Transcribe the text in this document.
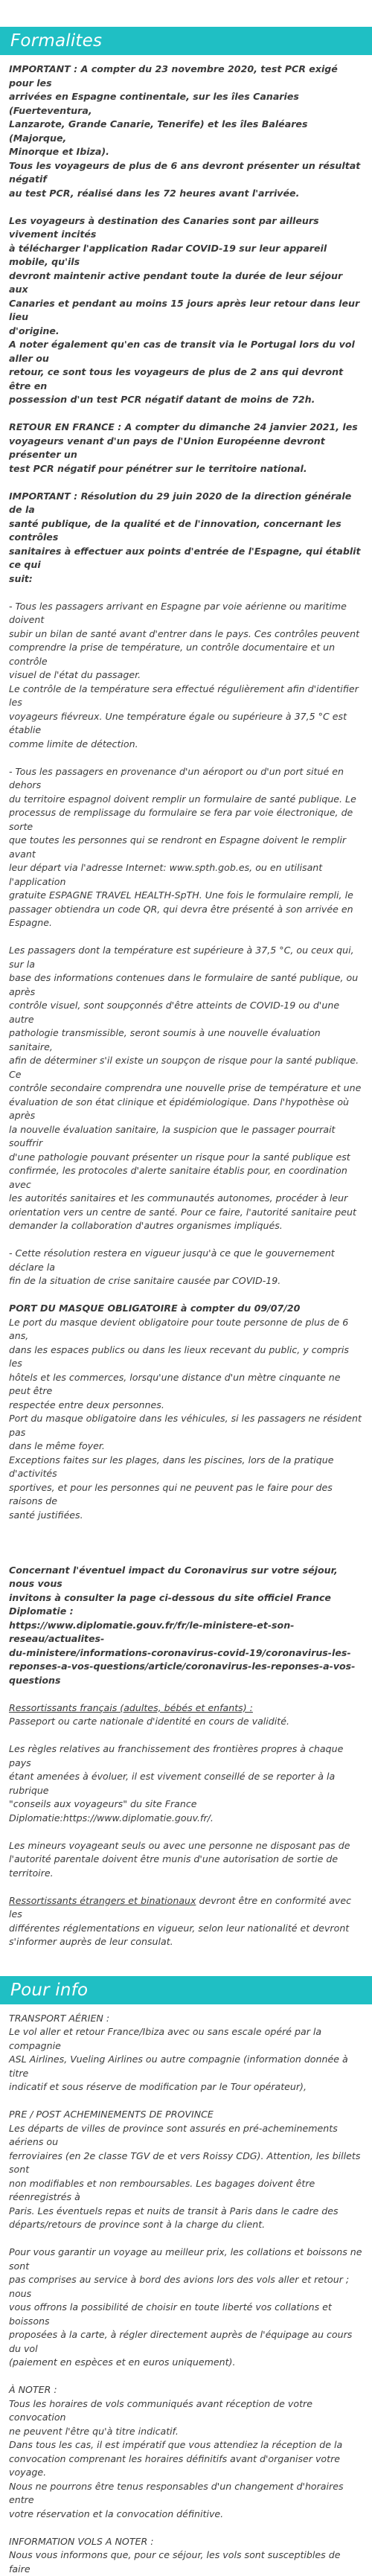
Formalites

IMPORTANT : A compter du 23 novembre 2020, test PCR exigé pour les

arrivées en Espagne continentale, sur les îles Canaries (Fuerteventura,

Lanzarote, Grande Canarie, Tenerife) et les îles Baléares (Majorque,

Minorque et Ibiza).

Tous les voyageurs de plus de 6 ans devront présenter un résultat négatif

au test PCR, réalisé dans les 72 heures avant l'arrivée.

Les voyageurs à destination des Canaries sont par ailleurs vivement incités

à télécharger l'application Radar COVID-19 sur leur appareil mobile, qu'ils

devront maintenir active pendant toute la durée de leur séjour aux

Canaries et pendant au moins 15 jours après leur retour dans leur lieu

d'origine.

A noter également qu'en cas de transit via le Portugal lors du vol aller ou

retour, ce sont tous les voyageurs de plus de 2 ans qui devront être en

possession d'un test PCR négatif datant de moins de 72h.

RETOUR EN FRANCE : A compter du dimanche 24 janvier 2021, les

voyageurs venant d'un pays de l'Union Européenne devront présenter un

test PCR négatif pour pénétrer sur le territoire national.

IMPORTANT : Résolution du 29 juin 2020 de la direction générale de la

santé publique, de la qualité et de l'innovation, concernant les contrôles

sanitaires à effectuer aux points d'entrée de l'Espagne, qui établit ce qui

suit:

- Tous les passagers arrivant en Espagne par voie aérienne ou maritime doivent

subir un bilan de santé avant d'entrer dans le pays. Ces contrôles peuvent

comprendre la prise de température, un contrôle documentaire et un contrôle

visuel de l'état du passager.

Le contrôle de la température sera effectué régulièrement afin d'identifier les

voyageurs fiévreux. Une température égale ou supérieure à 37,5 °C est établie

comme limite de détection.

- Tous les passagers en provenance d'un aéroport ou d'un port situé en dehors

du territoire espagnol doivent remplir un formulaire de santé publique. Le

processus de remplissage du formulaire se fera par voie électronique, de sorte

que toutes les personnes qui se rendront en Espagne doivent le remplir avant

leur départ via l'adresse Internet: www.spth.gob.es, ou en utilisant l'application

gratuite ESPAGNE TRAVEL HEALTH-SpTH. Une fois le formulaire rempli, le

passager obtiendra un code QR, qui devra être présenté à son arrivée en

Espagne.

Les passagers dont la température est supérieure à 37,5 °C, ou ceux qui, sur la

base des informations contenues dans le formulaire de santé publique, ou après

contrôle visuel, sont soupçonnés d'être atteints de COVID-19 ou d'une autre

pathologie transmissible, seront soumis à une nouvelle évaluation sanitaire,

afin de déterminer s'il existe un soupçon de risque pour la santé publique. Ce

contrôle secondaire comprendra une nouvelle prise de température et une

évaluation de son état clinique et épidémiologique. Dans l'hypothèse où après

la nouvelle évaluation sanitaire, la suspicion que le passager pourrait souffrir

d'une pathologie pouvant présenter un risque pour la santé publique est

confirmée, les protocoles d'alerte sanitaire établis pour, en coordination avec

les autorités sanitaires et les communautés autonomes, procéder à leur

orientation vers un centre de santé. Pour ce faire, l'autorité sanitaire peut

demander la collaboration d'autres organismes impliqués.

- Cette résolution restera en vigueur jusqu'à ce que le gouvernement déclare la

fin de la situation de crise sanitaire causée par COVID-19.

PORT DU MASQUE OBLIGATOIRE à compter du 09/07/20

Le port du masque devient obligatoire pour toute personne de plus de 6 ans,

dans les espaces publics ou dans les lieux recevant du public, y compris les

hôtels et les commerces, lorsqu'une distance d'un mètre cinquante ne peut être

respectée entre deux personnes.

Port du masque obligatoire dans les véhicules, si les passagers ne résident pas

dans le même foyer.

Exceptions faites sur les plages, dans les piscines, lors de la pratique d'activités

sportives, et pour les personnes qui ne peuvent pas le faire pour des raisons de

santé justifiées.

Concernant l'éventuel impact du Coronavirus sur votre séjour, nous vous

invitons à consulter la page ci-dessous du site officiel France Diplomatie :

https://www.diplomatie.gouv.fr/fr/le-ministere-et-son-reseau/actualites-

du-ministere/informations-coronavirus-covid-19/coronavirus-les-

reponses-a-vos-questions/article/coronavirus-les-reponses-a-vos-questions

Ressortissants français (adultes, bébés et enfants) :

Passeport ou carte nationale d'identité en cours de validité.

Les règles relatives au franchissement des frontières propres à chaque pays

étant amenées à évoluer, il est vivement conseillé de se reporter à la rubrique

"conseils aux voyageurs" du site France

Diplomatie:https://www.diplomatie.gouv.fr/.

Les mineurs voyageant seuls ou avec une personne ne disposant pas de

l'autorité parentale doivent être munis d'une autorisation de sortie de territoire.

Ressortissants étrangers et binationaux devront être en conformité avec les

différentes réglementations en vigueur, selon leur nationalité et devront

s'informer auprès de leur consulat.

Pour info

TRANSPORT AÉRIEN :

Le vol aller et retour France/Ibiza avec ou sans escale opéré par la compagnie

ASL Airlines, Vueling Airlines ou autre compagnie (information donnée à titre

indicatif et sous réserve de modification par le Tour opérateur),

PRE / POST ACHEMINEMENTS DE PROVINCE

Les départs de villes de province sont assurés en pré-acheminements aériens ou

ferroviaires (en 2e classe TGV de et vers Roissy CDG). Attention, les billets sont

non modifiables et non remboursables. Les bagages doivent être réenregistrés à

Paris. Les éventuels repas et nuits de transit à Paris dans le cadre des

départs/retours de province sont à la charge du client.

Pour vous garantir un voyage au meilleur prix, les collations et boissons ne sont

pas comprises au service à bord des avions lors des vols aller et retour ; nous

vous offrons la possibilité de choisir en toute liberté vos collations et boissons

proposées à la carte, à régler directement auprès de l'équipage au cours du vol

(paiement en espèces et en euros uniquement).

À NOTER :

Tous les horaires de vols communiqués avant réception de votre convocation

ne peuvent l'être qu'à titre indicatif.

Dans tous les cas, il est impératif que vous attendiez la réception de la

convocation comprenant les horaires définitifs avant d'organiser votre voyage.

Nous ne pourrons être tenus responsables d'un changement d'horaires entre

votre réservation et la convocation définitive.

INFORMATION VOLS A NOTER :

Nous vous informons que, pour ce séjour, les vols sont susceptibles de faire
